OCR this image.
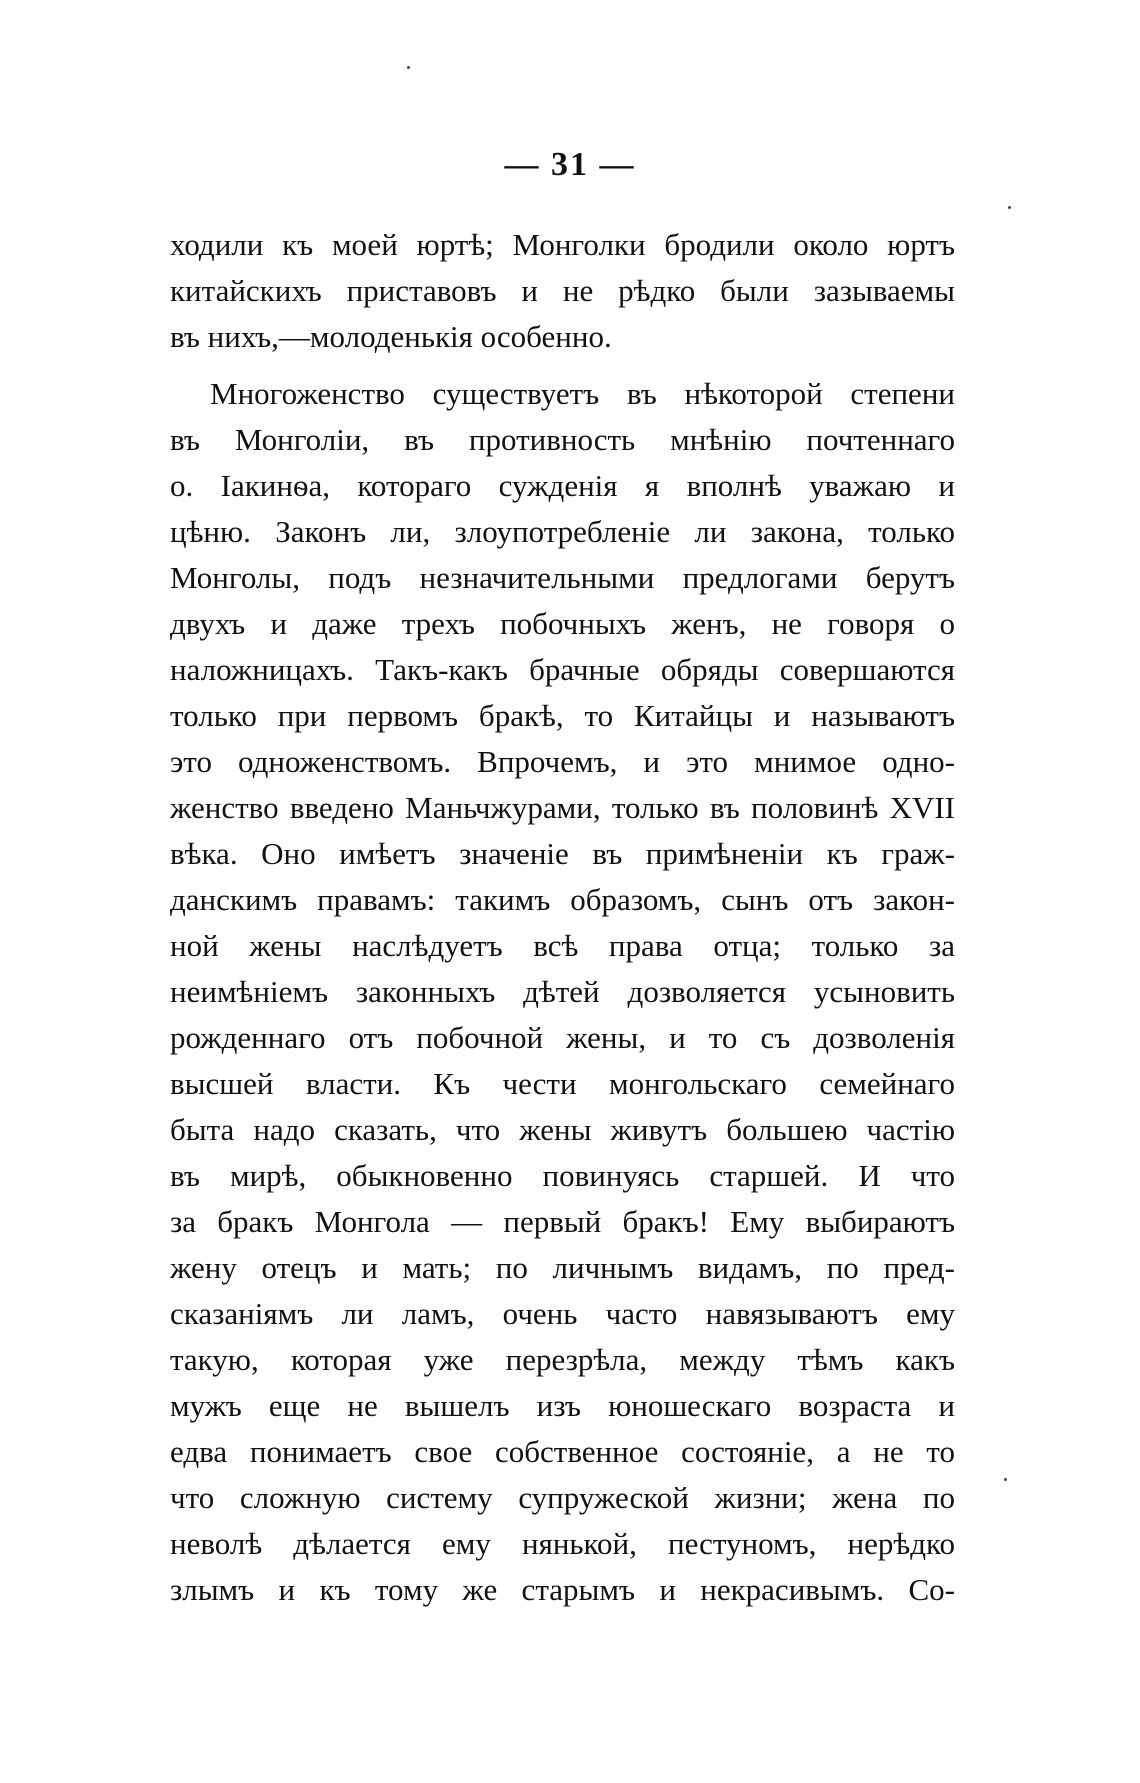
— 31 —
ходили къ моей юртѣ; Монголки бродили около юртъ
китайскихъ приставовъ и не рѣдко были зазываемы
въ нихъ,—молоденькія особенно.
Многоженство существуетъ въ нѣкоторой степени
въ Монголіи, въ противность мнѣнію почтеннаго
о. Іакинѳа, котораго сужденія я вполнѣ уважаю и
цѣню. Законъ ли, злоупотребленіе ли закона, только
Монголы, подъ незначительными предлогами берутъ
двухъ и даже трехъ побочныхъ женъ, не говоря о
наложницахъ. Такъ-какъ брачные обряды совершаются
только при первомъ бракѣ, то Китайцы и называютъ
это одноженствомъ. Впрочемъ, и это мнимое одно-
женство введено Маньчжурами, только въ половинѣ XVII
вѣка. Оно имѣетъ значеніе въ примѣненіи къ граж-
данскимъ правамъ: такимъ образомъ, сынъ отъ закон-
ной жены наслѣдуетъ всѣ права отца; только за
неимѣніемъ законныхъ дѣтей дозволяется усыновить
рожденнаго отъ побочной жены, и то съ дозволенія
высшей власти. Къ чести монгольскаго семейнаго
быта надо сказать, что жены живутъ большею частію
въ мирѣ, обыкновенно повинуясь старшей. И что
за бракъ Монгола — первый бракъ! Ему выбираютъ
жену отецъ и мать; по личнымъ видамъ, по пред-
сказаніямъ ли ламъ, очень часто навязываютъ ему
такую, которая уже перезрѣла, между тѣмъ какъ
мужъ еще не вышелъ изъ юношескаго возраста и
едва понимаетъ свое собственное состояніе, а не то
что сложную систему супружеской жизни; жена по
неволѣ дѣлается ему нянькой, пестуномъ, нерѣдко
злымъ и къ тому же старымъ и некрасивымъ. Со-
